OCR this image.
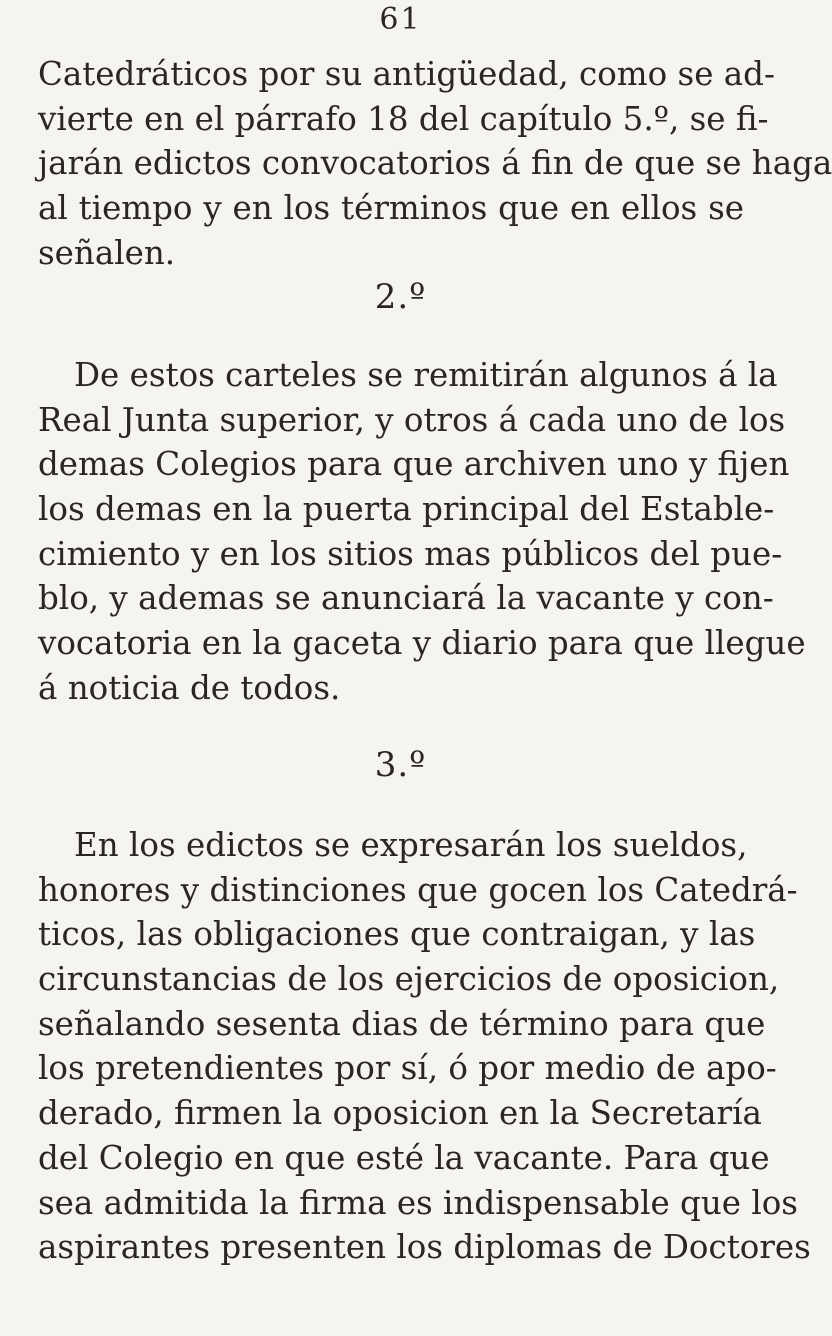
61
Catedráticos por su antigüedad, como se ad-
vierte en el párrafo 18 del capítulo 5.º, se fi-
jarán edictos convocatorios á fin de que se haga
al tiempo y en los términos que en ellos se
señalen.
2.º
De estos carteles se remitirán algunos á la
Real Junta superior, y otros á cada uno de los
demas Colegios para que archiven uno y fijen
los demas en la puerta principal del Estable-
cimiento y en los sitios mas públicos del pue-
blo, y ademas se anunciará la vacante y con-
vocatoria en la gaceta y diario para que llegue
á noticia de todos.
3.º
En los edictos se expresarán los sueldos,
honores y distinciones que gocen los Catedrá-
ticos, las obligaciones que contraigan, y las
circunstancias de los ejercicios de oposicion,
señalando sesenta dias de término para que
los pretendientes por sí, ó por medio de apo-
derado, firmen la oposicion en la Secretaría
del Colegio en que esté la vacante. Para que
sea admitida la firma es indispensable que los
aspirantes presenten los diplomas de Doctores
